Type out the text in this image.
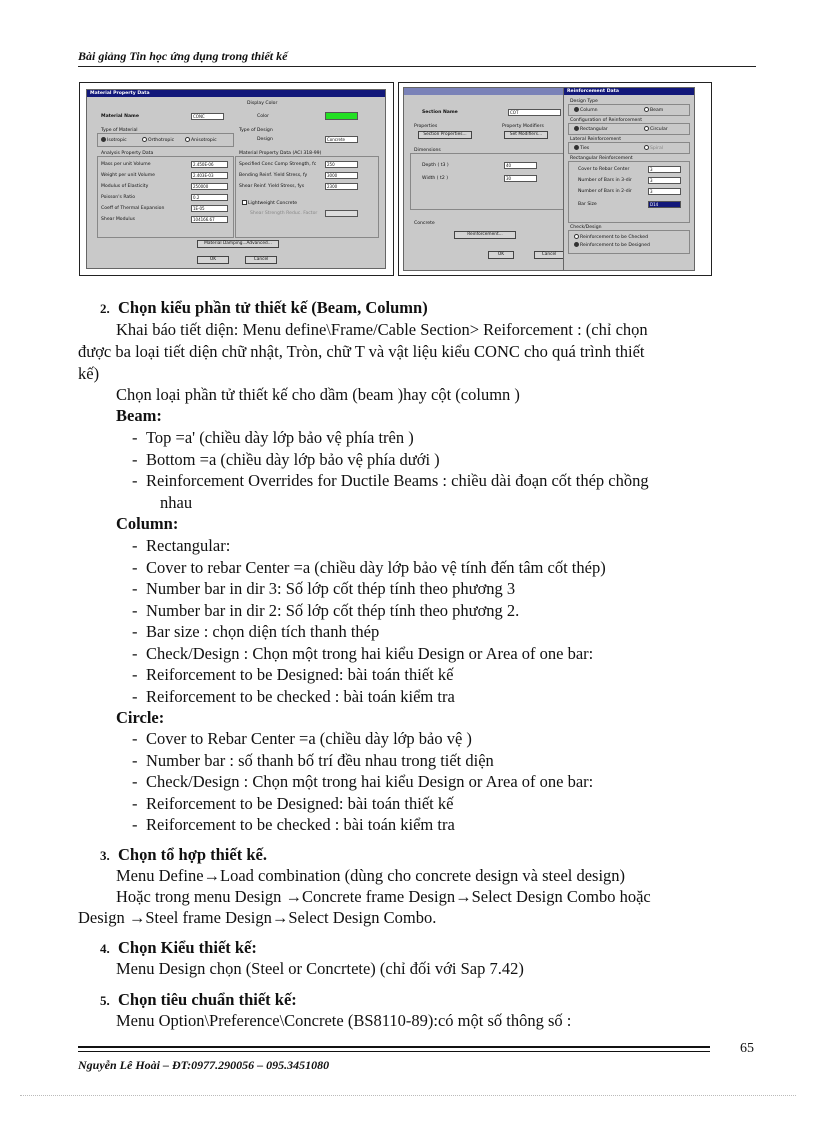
Bài giảng Tin học ứng dụng trong thiết kế
Material Property Data
Display Color
Material Name	CONC	Color
Type of Material
Isotropic	Orthotropic	Anisotropic
Type of Design
Design	Concrete
Analysis Property Data	Material Property Data (ACI 318-99)
Lightweight Concrete
Shear Strength Reduc. Factor
Material Damping...Advanced...
OK	Cancel
Mass per unit Volume	2.450E-06
Weight per unit Volume	2.403E-03
Modulus of Elasticity	250000
Poisson's Ratio	0.2
Coeff of Thermal Expansion	1E-05
Shear Modulus	104166.67
Specified Conc Comp Strength, fc	250
Bending Reinf. Yield Stress, fy	3000
Shear Reinf. Yield Stress, fys	2300
Section Name	COT
Properties	Property Modifiers
Section Properties...	Set Modifiers...
Dimensions
Depth ( t3 )	40
Width ( t2 )	30
Concrete
Reinforcement...
OK	Cancel
Reinforcement Data
Design Type
Column	Beam
Configuration of Reinforcement
Rectangular	Circular
Lateral Reinforcement
Ties	Spiral
Rectangular Reinforcement
Bar Size	D14
Check/Design
Reinforcement to be Checked
Reinforcement to be Designed
Cover to Rebar Center	3
Number of Bars in 3-dir	3
Number of Bars in 2-dir	3
2. Chọn kiểu phần tử thiết kế (Beam, Column)
Khai báo tiết diện: Menu define\Frame/Cable Section> Reiforcement : (chỉ chọn
được ba loại tiết diện chữ nhật, Tròn, chữ T và vật liệu kiểu CONC cho quá trình thiết
kế)
Chọn loại phần tử thiết kế cho dầm (beam )hay cột (column )
Beam:
- Top =a' (chiều dày lớp bảo vệ phía trên )
- Bottom =a (chiều dày lớp bảo vệ phía dưới )
- Reinforcement Overrides for Ductile Beams : chiều dài đoạn cốt thép chồng
nhau
Column:
- Rectangular:
- Cover to rebar Center =a (chiều dày lớp bảo vệ tính đến tâm cốt thép)
- Number bar in dir 3: Số lớp cốt thép tính theo phương 3
- Number bar in dir 2: Số lớp cốt thép tính theo phương 2.
- Bar size : chọn diện tích thanh thép
- Check/Design : Chọn một trong hai kiểu Design or Area of one bar:
- Reiforcement to be Designed: bài toán thiết kế
- Reiforcement to be checked : bài toán kiểm tra
Circle:
- Cover to Rebar Center =a (chiều dày lớp bảo vệ )
- Number bar : số thanh bố trí đều nhau trong tiết diện
- Check/Design : Chọn một trong hai kiểu Design or Area of one bar:
- Reiforcement to be Designed: bài toán thiết kế
- Reiforcement to be checked : bài toán kiểm tra
3. Chọn tổ hợp thiết kế.
Menu Define→Load combination (dùng cho concrete design và steel design)
Hoặc trong menu Design →Concrete frame Design→Select Design Combo hoặc
Design →Steel frame Design→Select Design Combo.
4. Chọn Kiểu thiết kế:
Menu Design chọn (Steel or Concrtete) (chỉ đối với Sap 7.42)
5. Chọn tiêu chuẩn thiết kế:
Menu Option\Preference\Concrete (BS8110-89):có một số thông số :
65
Nguyễn Lê Hoài – ĐT:0977.290056 – 095.3451080
